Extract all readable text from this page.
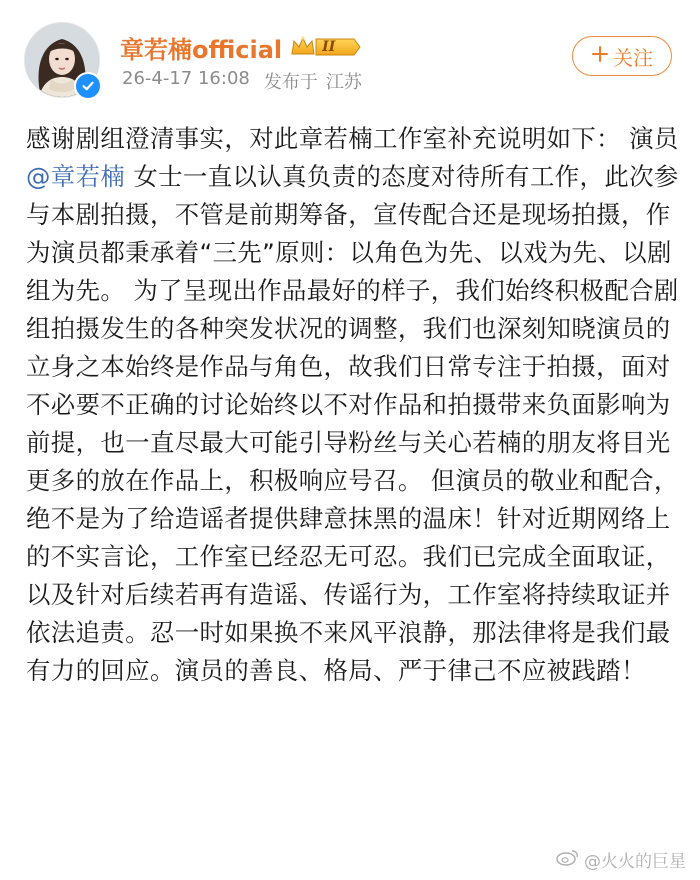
章若楠official	II
26-4-17 16:08 发布于 江苏
关注

感谢剧组澄清事实，对此章若楠工作室补充说明如下： 演员 @章若楠 女士一直以认真负责的态度对待所有工作，此次参与本剧拍摄，不管是前期筹备，宣传配合还是现场拍摄，作为演员都秉承着“三先”原则：以角色为先、以戏为先、以剧组为先。 为了呈现出作品最好的样子，我们始终积极配合剧组拍摄发生的各种突发状况的调整，我们也深刻知晓演员的立身之本始终是作品与角色，故我们日常专注于拍摄，面对不必要不正确的讨论始终以不对作品和拍摄带来负面影响为前提，也一直尽最大可能引导粉丝与关心若楠的朋友将目光更多的放在作品上，积极响应号召。 但演员的敬业和配合，绝不是为了给造谣者提供肆意抹黑的温床！针对近期网络上的不实言论，工作室已经忍无可忍。我们已完成全面取证，以及针对后续若再有造谣、传谣行为，工作室将持续取证并依法追责。忍一时如果换不来风平浪静，那法律将是我们最有力的回应。演员的善良、格局、严于律己不应被践踏！

@火火的巨星
